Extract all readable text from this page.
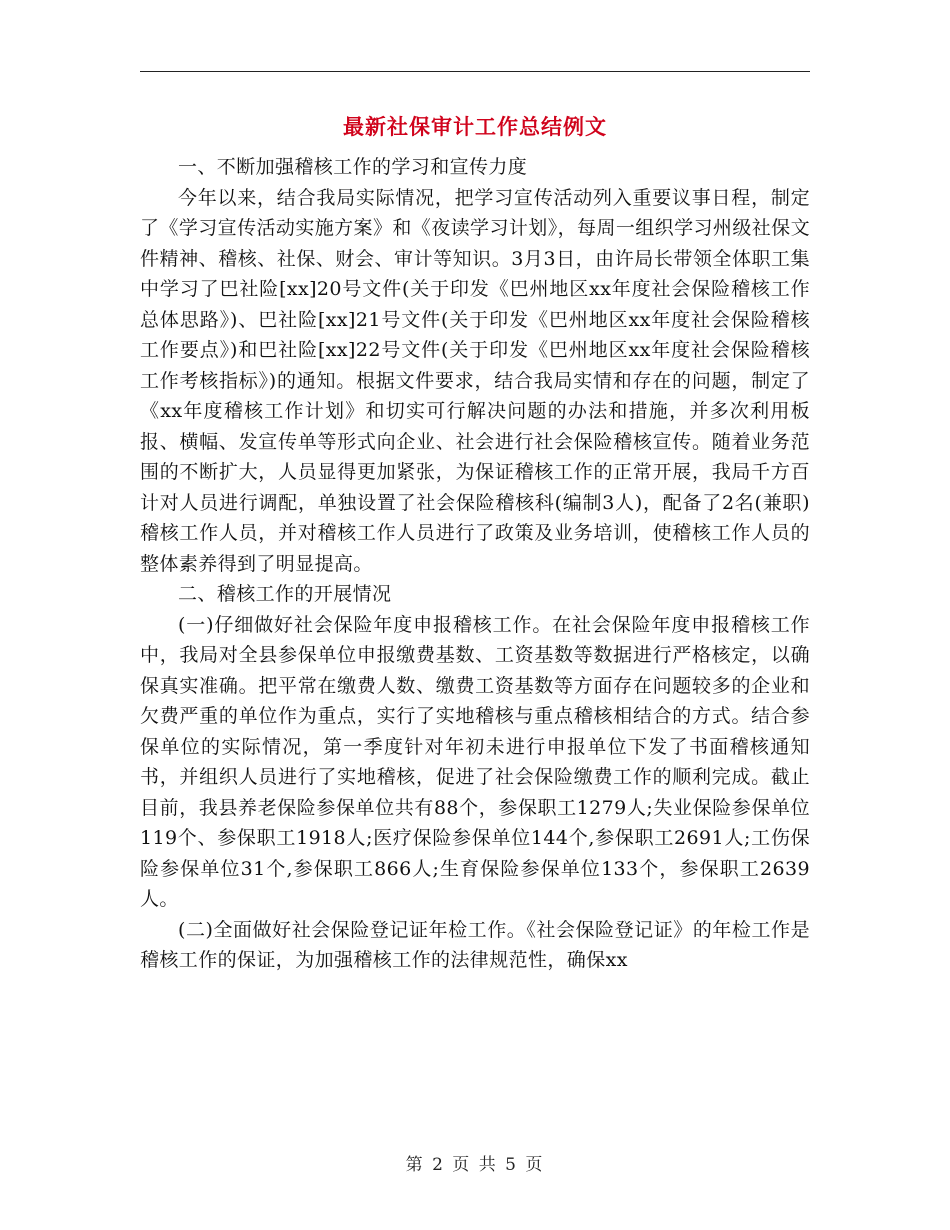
最新社保审计工作总结例文

一、不断加强稽核工作的学习和宣传力度

今年以来，结合我局实际情况，把学习宣传活动列入重要议事日程，制定了《学习宣传活动实施方案》和《夜读学习计划》，每周一组织学习州级社保文件精神、稽核、社保、财会、审计等知识。3月3日，由许局长带领全体职工集中学习了巴社险[xx]20号文件(关于印发《巴州地区xx年度社会保险稽核工作总体思路》)、巴社险[xx]21号文件(关于印发《巴州地区xx年度社会保险稽核工作要点》)和巴社险[xx]22号文件(关于印发《巴州地区xx年度社会保险稽核工作考核指标》)的通知。根据文件要求，结合我局实情和存在的问题，制定了《xx年度稽核工作计划》和切实可行解决问题的办法和措施，并多次利用板报、横幅、发宣传单等形式向企业、社会进行社会保险稽核宣传。随着业务范围的不断扩大，人员显得更加紧张，为保证稽核工作的正常开展，我局千方百计对人员进行调配，单独设置了社会保险稽核科(编制3人)，配备了2名(兼职)稽核工作人员，并对稽核工作人员进行了政策及业务培训，使稽核工作人员的整体素养得到了明显提高。

二、稽核工作的开展情况

(一)仔细做好社会保险年度申报稽核工作。在社会保险年度申报稽核工作中，我局对全县参保单位申报缴费基数、工资基数等数据进行严格核定，以确保真实准确。把平常在缴费人数、缴费工资基数等方面存在问题较多的企业和欠费严重的单位作为重点，实行了实地稽核与重点稽核相结合的方式。结合参保单位的实际情况，第一季度针对年初未进行申报单位下发了书面稽核通知书，并组织人员进行了实地稽核，促进了社会保险缴费工作的顺利完成。截止目前，我县养老保险参保单位共有88个，参保职工1279人;失业保险参保单位119个、参保职工1918人;医疗保险参保单位144个,参保职工2691人;工伤保险参保单位31个,参保职工866人;生育保险参保单位133个，参保职工2639人。

(二)全面做好社会保险登记证年检工作。《社会保险登记证》的年检工作是稽核工作的保证，为加强稽核工作的法律规范性，确保xx

第 2 页 共 5 页
